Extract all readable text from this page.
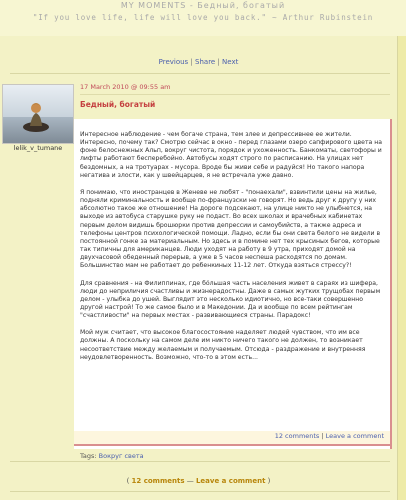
MY MOMENTS - Бедный, богатый
"If you love life, life will love you back." ~ Arthur Rubinstein
Previous | Share | Next
lelik_v_tumane
17 March 2010 @ 09:55 am
Бедный, богатый

Интересное наблюдение - чем богаче страна, тем злее и депрессивнее ее жители. Интересно, почему так? Смотрю сейчас в окно - перед глазами озеро сапфирового цвета на фоне белоснежных Альп, вокруг чистота, порядок и ухоженность. Банкоматы, светофоры и лифты работают бесперебойно. Автобусы ходят строго по расписанию. На улицах нет бездомных, а на тротуарах - мусора. Вроде бы живи себе и радуйся! Но такого напора негатива и злости, как у швейцарцев, я не встречала уже давно.

Я понимаю, что иностранцев в Женеве не любят - "понаехали", взвинтили цены на жилье, подняли криминальность и вообще по-французски не говорят. Но ведь друг к другу у них абсолютно такое же отношение! На дороге подсекают, на улице никто не улыбнется, на выходе из автобуса старушке руку не подаст. Во всех школах и врачебных кабинетах первым делом видишь брошюрки против депрессии и самоубийств, а также адреса и телефоны центров психологической помощи. Ладно, если бы они света белого не видели в постоянной гонке за материальным. Но здесь и в помине нет тех крысиных бегов, которые так типичны для американцев. Люди уходят на работу в 9 утра, приходят домой на двухчасовой обеденный перерыв, а уже в 5 часов неспеша расходятся по домам. Большинство мам не работает до ребенкиных 11-12 лет. Откуда взяться стрессу?!

Для сравнения - на Филиппинах, где бóльшая часть населения живет в сараях из шифера, люди до неприличия счастливы и жизнерадостны. Даже в самых жутких трущобах первым делом - улыбка до ушей. Выглядит это несколько идиотично, но все-таки совершенно другой настрой! То же самое было и в Македонии. Да и вообще по всем рейтингам "счастливости" на первых местах - развивающиеся страны. Парадокс!

Мой муж считает, что высокое благосостояние наделяет людей чувством, что им все должны. А поскольку на самом деле им никто ничего такого не должен, то возникает несоответствие между желаемым и получаемым. Отсюда - раздражение и внутренняя неудовлетворенность. Возможно, что-то в этом есть...

12 comments | Leave a comment
( 12 comments — Leave a comment )
Tags: Вокруг света
